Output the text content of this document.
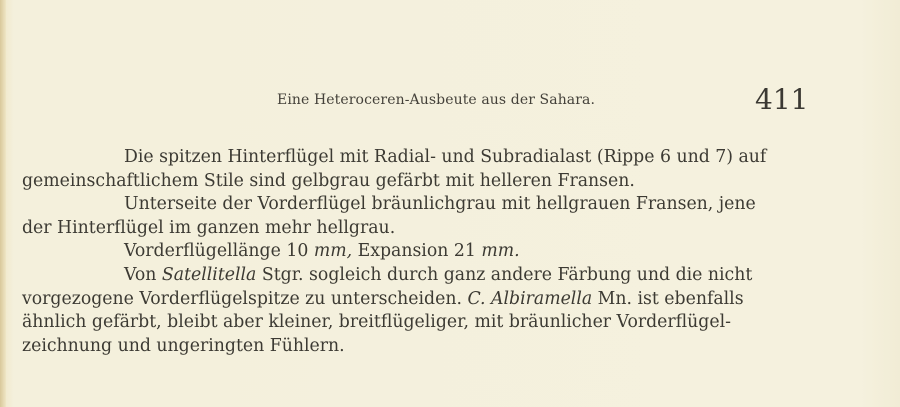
Eine Heteroceren-Ausbeute aus der Sahara.	411
Die spitzen Hinterflügel mit Radial- und Subradialast (Rippe 6 und 7) auf
gemeinschaftlichem Stile sind gelbgrau gefärbt mit helleren Fransen.
Unterseite der Vorderflügel bräunlichgrau mit hellgrauen Fransen, jene
der Hinterflügel im ganzen mehr hellgrau.
Vorderflügellänge 10 mm, Expansion 21 mm.
Von Satellitella Stgr. sogleich durch ganz andere Färbung und die nicht
vorgezogene Vorderflügelspitze zu unterscheiden. C. Albiramella Mn. ist ebenfalls
ähnlich gefärbt, bleibt aber kleiner, breitflügeliger, mit bräunlicher Vorderflügel-
zeichnung und ungeringten Fühlern.
